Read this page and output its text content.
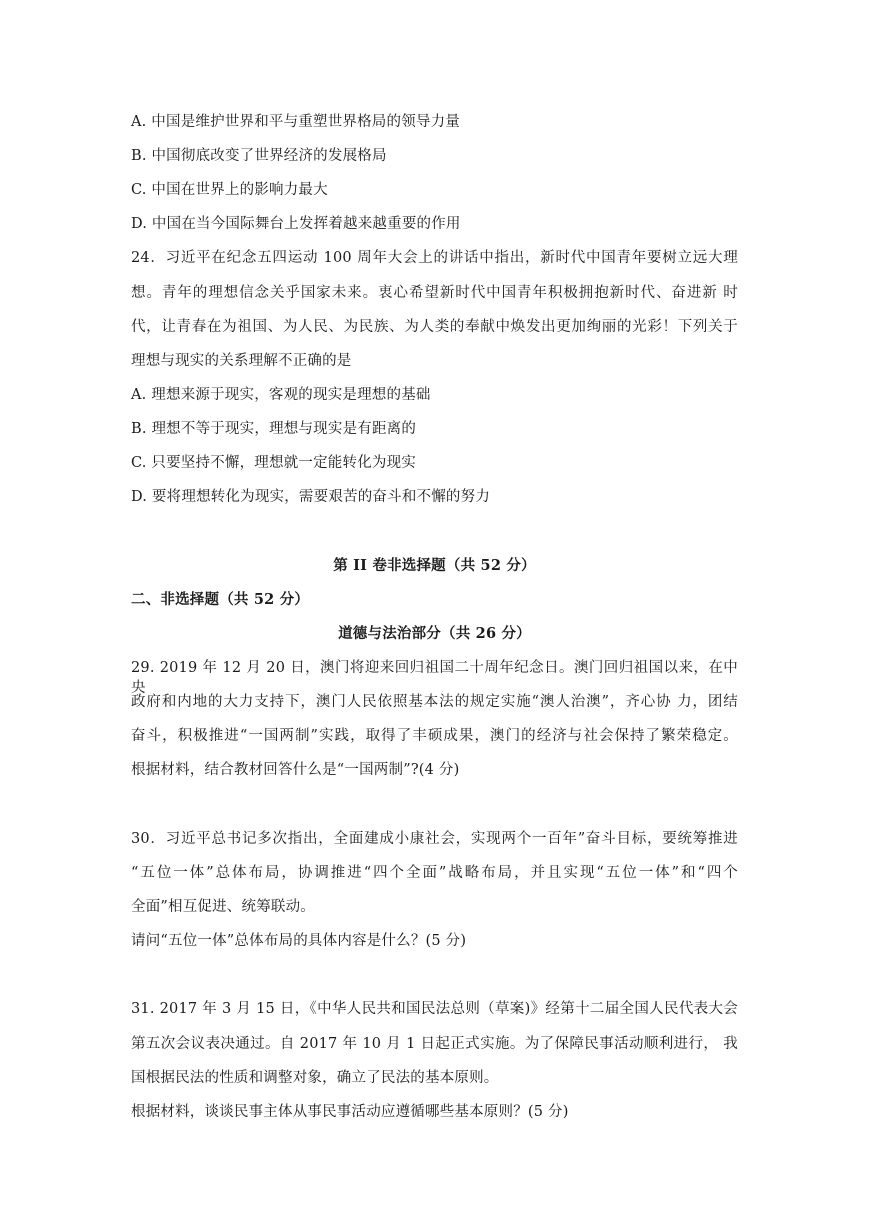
A. 中国是维护世界和平与重塑世界格局的领导力量
B. 中国彻底改变了世界经济的发展格局
C. 中国在世界上的影响力最大
D. 中国在当今国际舞台上发挥着越来越重要的作用
24．习近平在纪念五四运动 100 周年大会上的讲话中指出，新时代中国青年要树立远大理
想。青年的理想信念关乎国家未来。衷心希望新时代中国青年积极拥抱新时代、奋进新 时
代，让青春在为祖国、为人民、为民族、为人类的奉献中焕发出更加绚丽的光彩！下列关于
理想与现实的关系理解不正确的是
A. 理想来源于现实，客观的现实是理想的基础
B. 理想不等于现实，理想与现实是有距离的
C. 只要坚持不懈，理想就一定能转化为现实
D. 要将理想转化为现实，需要艰苦的奋斗和不懈的努力
第 II 卷非选择题（共 52 分）
二、非选择题（共 52 分）
道德与法治部分（共 26 分）
29. 2019 年 12 月 20 日，澳门将迎来回归祖国二十周年纪念日。澳门回归祖国以来，在中 央
政府和内地的大力支持下，澳门人民依照基本法的规定实施“澳人治澳”，齐心协 力，团结
奋斗，积极推进“一国两制”实践，取得了丰硕成果，澳门的经济与社会保持了繁荣稳定。
根据材料，结合教材回答什么是“一国两制”?(4 分)
30．习近平总书记多次指出，全面建成小康社会，实现两个一百年”奋斗目标，要统筹推进
“五位一体”总体布局，协调推进“四个全面”战略布局，并且实现“五位一体”和“四个
全面”相互促进、统筹联动。
请问“五位一体”总体布局的具体内容是什么？(5 分)
31. 2017 年 3 月 15 日，《中华人民共和国民法总则（草案)》经第十二届全国人民代表大会
第五次会议表决通过。自 2017 年 10 月 1 日起正式实施。为了保障民事活动顺利进行， 我
国根据民法的性质和调整对象，确立了民法的基本原则。
根据材料，谈谈民事主体从事民事活动应遵循哪些基本原则？(5 分)
